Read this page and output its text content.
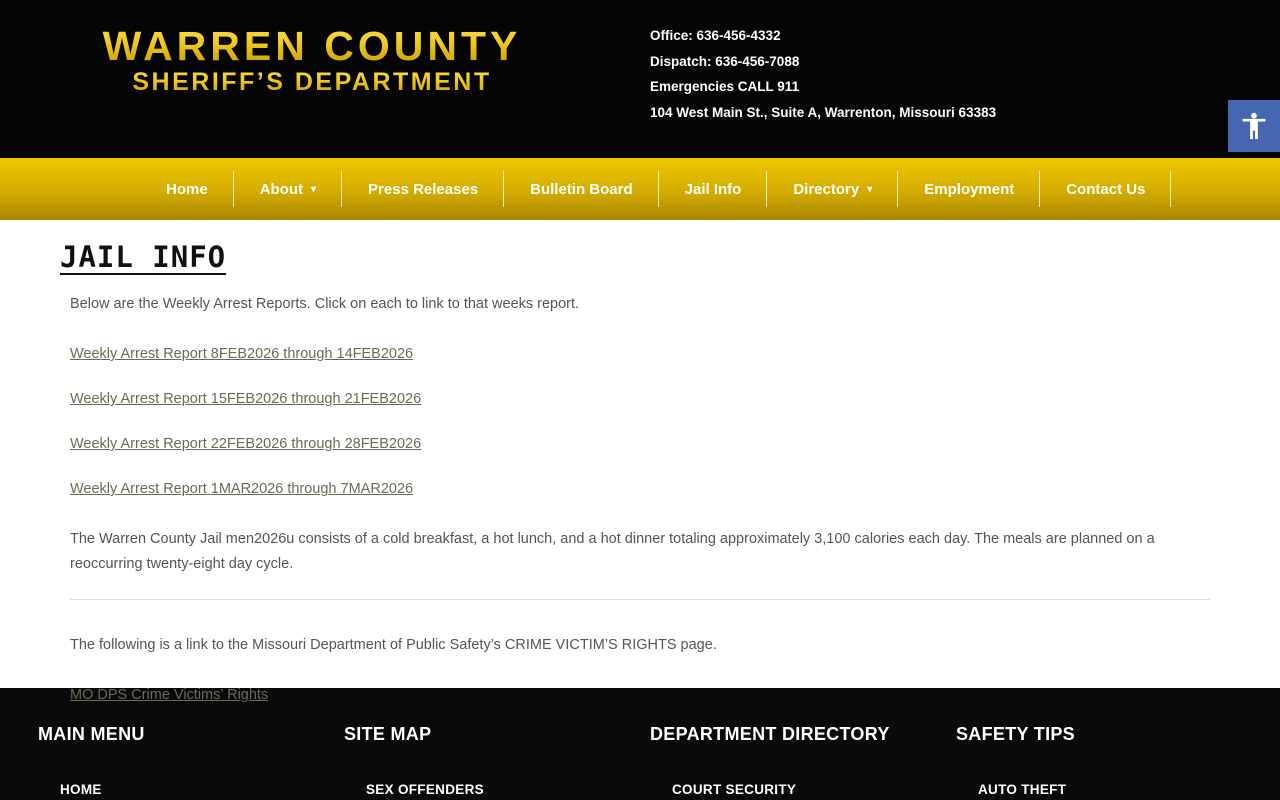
WARREN COUNTY
SHERIFF’S DEPARTMENT
Office: 636-456-4332
Dispatch: 636-456-7088
Emergencies CALL 911
104 West Main St., Suite A, Warrenton, Missouri 63383
Home	About ▾	Press Releases	Bulletin Board	Jail Info	Directory ▾	Employment	Contact Us
JAIL INFO

Below are the Weekly Arrest Reports. Click on each to link to that weeks report.

Weekly Arrest Report 8FEB2026 through 14FEB2026

Weekly Arrest Report 15FEB2026 through 21FEB2026

Weekly Arrest Report 22FEB2026 through 28FEB2026

Weekly Arrest Report 1MAR2026 through 7MAR2026

The Warren County Jail men2026u consists of a cold breakfast, a hot lunch, and a hot dinner totaling approximately 3,100 calories each day. The meals are planned on a reoccurring twenty-eight day cycle.

The following is a link to the Missouri Department of Public Safety’s CRIME VICTIM’S RIGHTS page.

MO DPS Crime Victims’ Rights

MAIN MENU
HOME
SITE MAP
SEX OFFENDERS
DEPARTMENT DIRECTORY
COURT SECURITY
SAFETY TIPS
AUTO THEFT
